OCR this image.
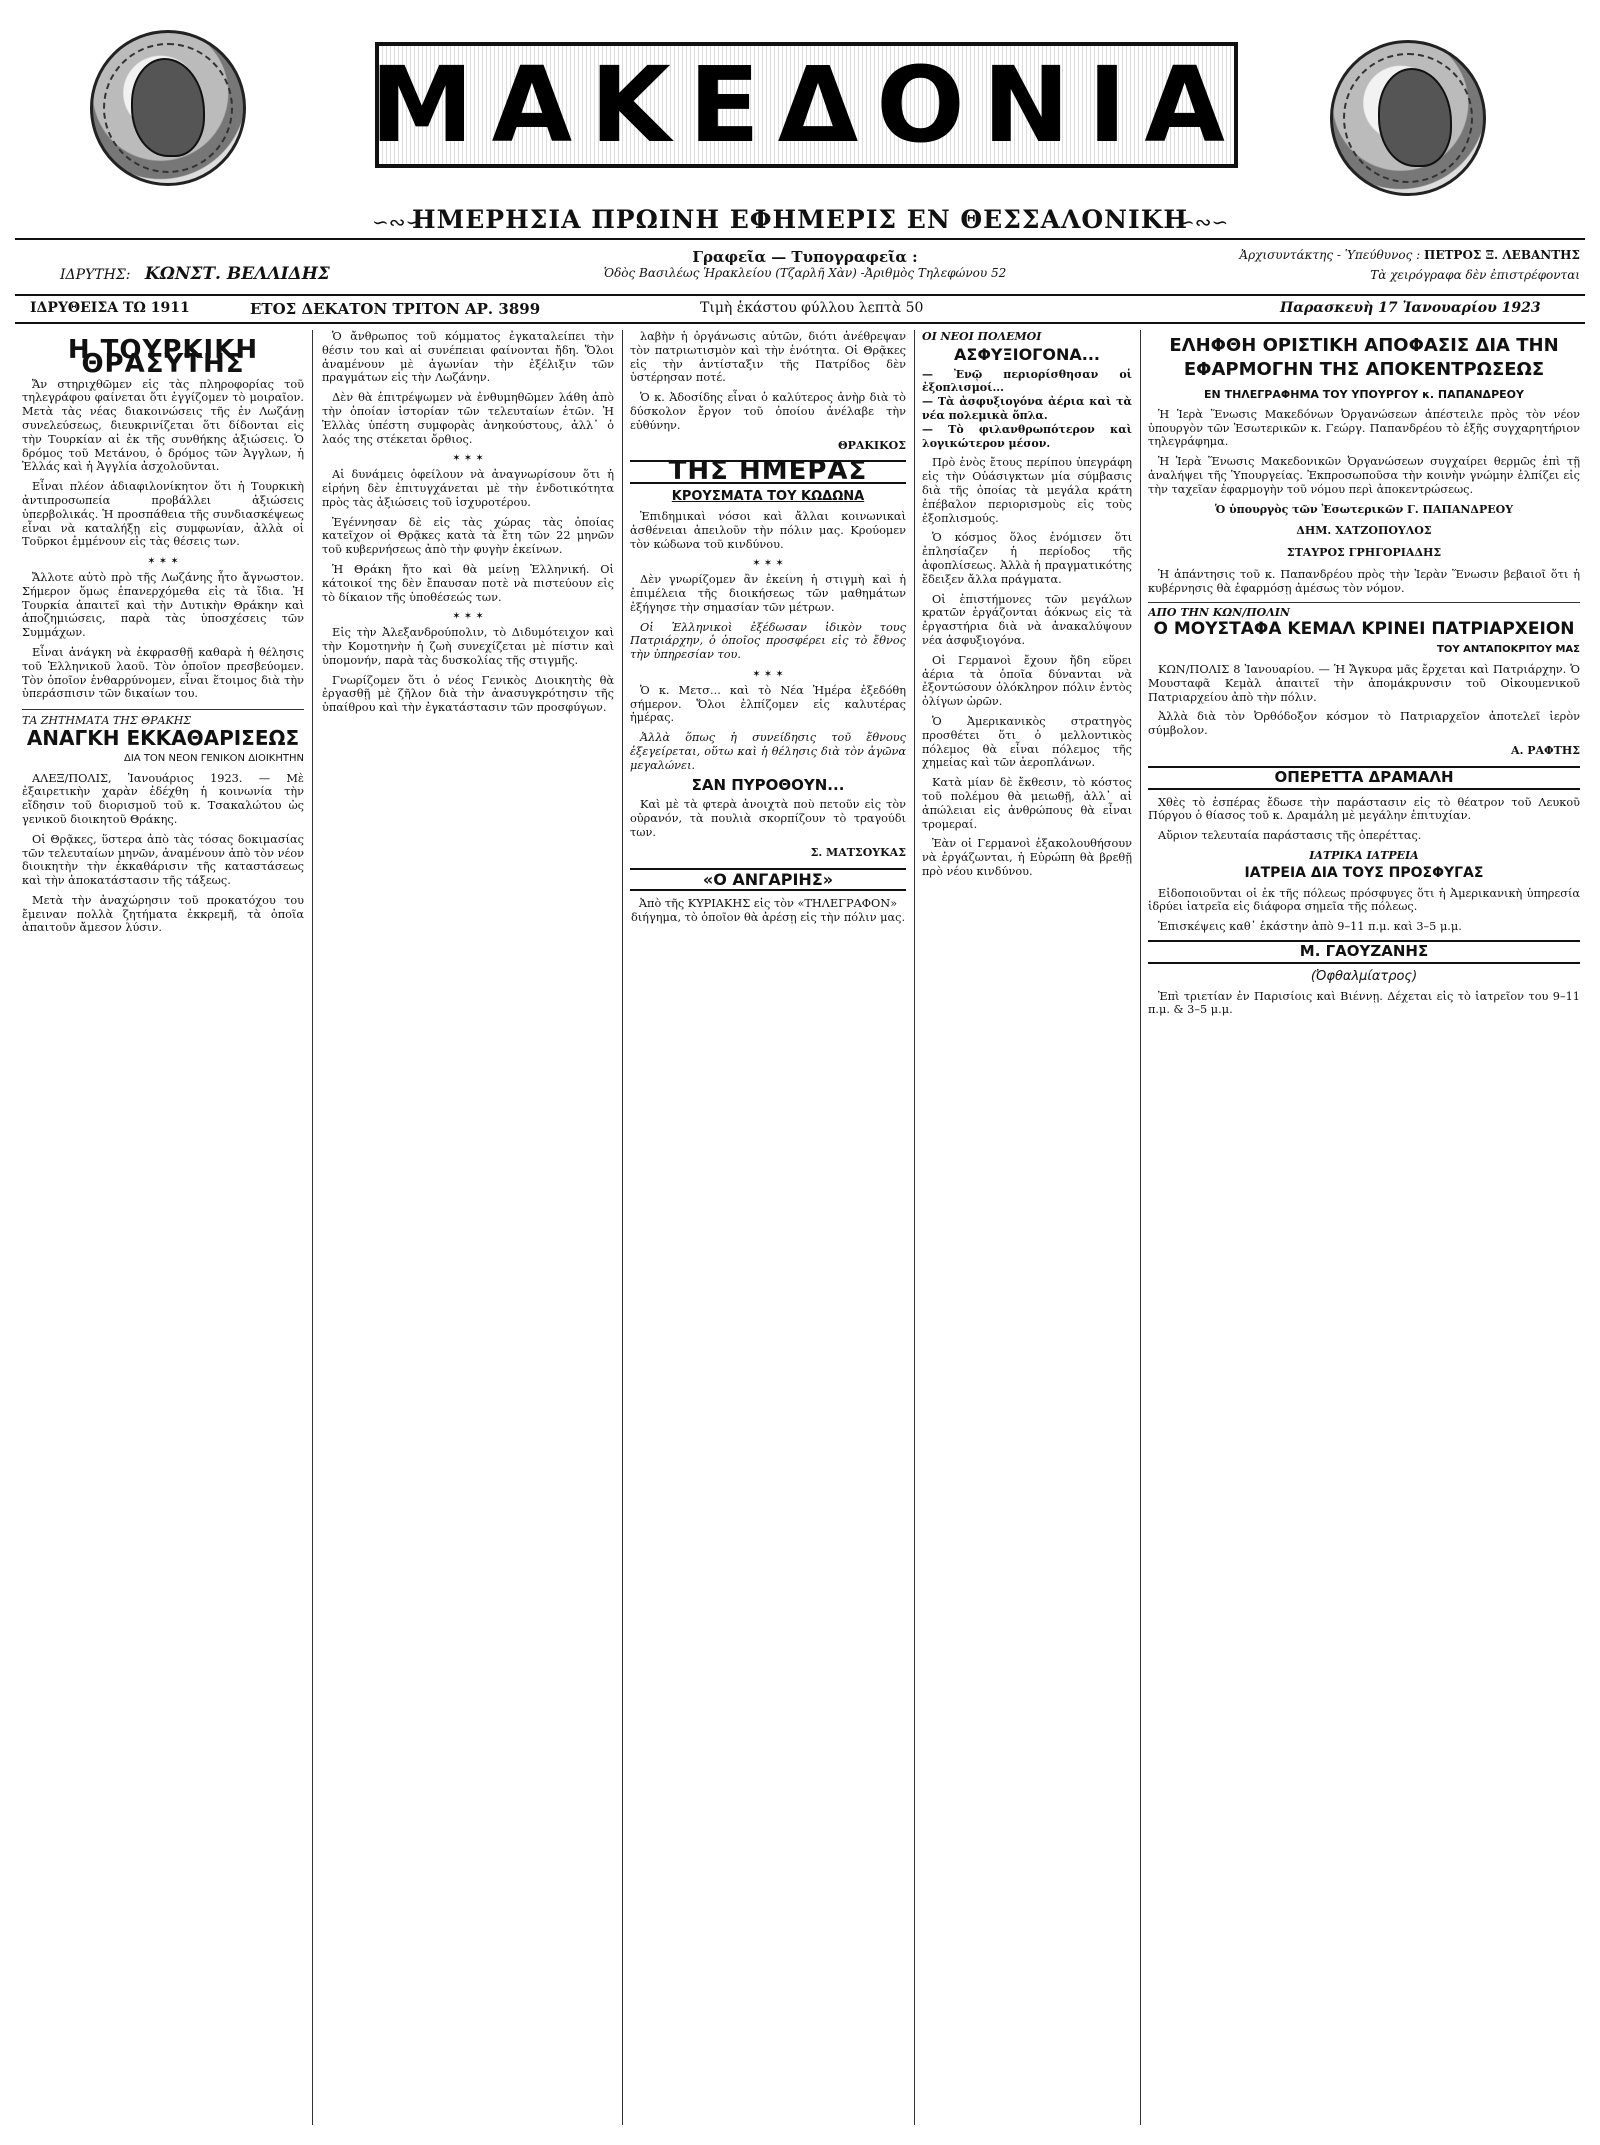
ΜΑΚΕΔΟΝΙΑ
∽∾∽	∽∾∽
ΗΜΕΡΗΣΙΑ ΠΡΩΙΝΗ ΕΦΗΜΕΡΙΣ ΕΝ ΘΕΣΣΑΛΟΝΙΚΗ
ΙΔΡΥΤΗΣ: ΚΩΝΣΤ. ΒΕΛΛΙΔΗΣ
Γραφεῖα — Τυπογραφεῖα :
Ὁδὸς Βασιλέως Ἡρακλείου (Τζαρλῆ Χὰν) -Ἀριθμὸς Τηλεφώνου 52
Ἀρχισυντάκτης - Ὑπεύθυνος : ΠΕΤΡΟΣ Ξ. ΛΕΒΑΝΤΗΣ
Τὰ χειρόγραφα δὲν ἐπιστρέφονται
ΙΔΡΥΘΕΙΣΑ ΤΩ 1911	ΕΤΟΣ ΔΕΚΑΤΟΝ ΤΡΙΤΟΝ ΑΡ. 3899	Τιμὴ ἑκάστου φύλλου λεπτὰ 50	Παρασκευὴ 17 Ἰανουαρίου 1923
Η ΤΟΥΡΚΙΚΗ ΘΡΑΣΥΤΗΣ

Ἄν στηριχθῶμεν εἰς τὰς πληροφορίας τοῦ τηλεγράφου φαίνεται ὅτι ἐγγίζομεν τὸ μοιραῖον. Μετὰ τὰς νέας διακοινώσεις τῆς ἐν Λωζάνῃ συνελεύσεως, διευκρινίζεται ὅτι δίδονται εἰς τὴν Τουρκίαν αἱ ἐκ τῆς συνθήκης ἀξιώσεις. Ὁ δρόμος τοῦ Μετάνου, ὁ δρόμος τῶν Ἀγγλων, ἡ Ἑλλάς καὶ ἡ Ἀγγλία ἀσχολοῦνται.

Εἶναι πλέον ἀδιαφιλονίκητον ὅτι ἡ Τουρκικὴ ἀντιπροσωπεία προβάλλει ἀξιώσεις ὑπερβολικάς. Ἡ προσπάθεια τῆς συνδιασκέψεως εἶναι νὰ καταλήξῃ εἰς συμφωνίαν, ἀλλὰ οἱ Τοῦρκοι ἐμμένουν εἰς τὰς θέσεις των.

✶ ✶ ✶

Ἄλλοτε αὐτὸ πρὸ τῆς Λωζάνης ἦτο ἄγνωστον. Σήμερον ὅμως ἐπανερχόμεθα εἰς τὰ ἴδια. Ἡ Τουρκία ἀπαιτεῖ καὶ τὴν Δυτικὴν Θράκην καὶ ἀποζημιώσεις, παρὰ τὰς ὑποσχέσεις τῶν Συμμάχων.

Εἶναι ἀνάγκη νὰ ἐκφρασθῇ καθαρὰ ἡ θέλησις τοῦ Ἑλληνικοῦ λαοῦ. Τὸν ὁποῖον πρεσβεύομεν. Τὸν ὁποῖον ἐνθαρρύνομεν, εἶναι ἕτοιμος διὰ τὴν ὑπεράσπισιν τῶν δικαίων του.

ΤΑ ΖΗΤΗΜΑΤΑ ΤΗΣ ΘΡΑΚΗΣ
ΑΝΑΓΚΗ ΕΚΚΑΘΑΡΙΣΕΩΣ
ΔΙΑ ΤΟΝ ΝΕΟΝ ΓΕΝΙΚΟΝ ΔΙΟΙΚΗΤΗΝ

ΑΛΕΞ/ΠΟΛΙΣ, Ἰανουάριος 1923. — Μὲ ἐξαιρετικὴν χαρὰν ἐδέχθη ἡ κοινωνία τὴν εἴδησιν τοῦ διορισμοῦ τοῦ κ. Τσακαλώτου ὡς γενικοῦ διοικητοῦ Θράκης.

Οἱ Θρᾷκες, ὕστερα ἀπὸ τὰς τόσας δοκιμασίας τῶν τελευταίων μηνῶν, ἀναμένουν ἀπὸ τὸν νέον διοικητὴν τὴν ἐκκαθάρισιν τῆς καταστάσεως καὶ τὴν ἀποκατάστασιν τῆς τάξεως.

Μετὰ τὴν ἀναχώρησιν τοῦ προκατόχου του ἔμειναν πολλὰ ζητήματα ἐκκρεμῆ, τὰ ὁποῖα ἀπαιτοῦν ἄμεσον λύσιν.

Ὁ ἄνθρωπος τοῦ κόμματος ἐγκαταλείπει τὴν θέσιν του καὶ αἱ συνέπειαι φαίνονται ἤδη. Ὅλοι ἀναμένουν μὲ ἀγωνίαν τὴν ἐξέλιξιν τῶν πραγμάτων εἰς τὴν Λωζάνην.

Δὲν θὰ ἐπιτρέψωμεν νὰ ἐνθυμηθῶμεν λάθη ἀπὸ τὴν ὁποίαν ἱστορίαν τῶν τελευταίων ἐτῶν. Ἡ Ἑλλὰς ὑπέστη συμφορὰς ἀνηκούστους, ἀλλ᾽ ὁ λαός της στέκεται ὄρθιος.

✶ ✶ ✶

Αἱ δυνάμεις ὀφείλουν νὰ ἀναγνωρίσουν ὅτι ἡ εἰρήνη δὲν ἐπιτυγχάνεται μὲ τὴν ἐνδοτικότητα πρὸς τὰς ἀξιώσεις τοῦ ἰσχυροτέρου.

Ἐγέννησαν δὲ εἰς τὰς χώρας τὰς ὁποίας κατεῖχον οἱ Θρᾷκες κατὰ τὰ ἔτη τῶν 22 μηνῶν τοῦ κυβερνήσεως ἀπὸ τὴν φυγὴν ἐκείνων.

Ἡ Θράκη ἤτο καὶ θὰ μείνῃ Ἑλληνική. Οἱ κάτοικοί της δὲν ἔπαυσαν ποτὲ νὰ πιστεύουν εἰς τὸ δίκαιον τῆς ὑποθέσεώς των.

✶ ✶ ✶

Εἰς τὴν Ἀλεξανδρούπολιν, τὸ Διδυμότειχον καὶ τὴν Κομοτηνὴν ἡ ζωὴ συνεχίζεται μὲ πίστιν καὶ ὑπομονήν, παρὰ τὰς δυσκολίας τῆς στιγμῆς.

Γνωρίζομεν ὅτι ὁ νέος Γενικὸς Διοικητὴς θὰ ἐργασθῇ μὲ ζῆλον διὰ τὴν ἀνασυγκρότησιν τῆς ὑπαίθρου καὶ τὴν ἐγκατάστασιν τῶν προσφύγων.

λαβὴν ἡ ὀργάνωσις αὐτῶν, διότι ἀνέθρεψαν τὸν πατριωτισμὸν καὶ τὴν ἑνότητα. Οἱ Θρᾷκες εἰς τὴν ἀντίσταξιν τῆς Πατρίδος δὲν ὑστέρησαν ποτέ.

Ὁ κ. Ἀδοσίδης εἶναι ὁ καλύτερος ἀνὴρ διὰ τὸ δύσκολον ἔργον τοῦ ὁποίου ἀνέλαβε τὴν εὐθύνην.

ΘΡΑΚΙΚΟΣ
ΤΗΣ ΗΜΕΡΑΣ
ΚΡΟΥΣΜΑΤΑ ΤΟΥ ΚΩΔΩΝΑ

Ἐπιδημικαὶ νόσοι καὶ ἄλλαι κοινωνικαὶ ἀσθένειαι ἀπειλοῦν τὴν πόλιν μας. Κρούομεν τὸν κώδωνα τοῦ κινδύνου.

✶ ✶ ✶

Δὲν γνωρίζομεν ἂν ἐκείνη ἡ στιγμὴ καὶ ἡ ἐπιμέλεια τῆς διοικήσεως τῶν μαθημάτων ἐξήγησε τὴν σημασίαν τῶν μέτρων.

Οἱ Ἑλληνικοὶ ἐξέδωσαν ἰδικὸν τους Πατριάρχην, ὁ ὁποῖος προσφέρει εἰς τὸ ἔθνος τὴν ὑπηρεσίαν του.

✶ ✶ ✶

Ὁ κ. Μετσ... καὶ τὸ Νέα Ἡμέρα ἐξεδόθη σήμερον. Ὅλοι ἐλπίζομεν εἰς καλυτέρας ἡμέρας.

Ἀλλὰ ὅπως ἡ συνείδησις τοῦ ἔθνους ἐξεγείρεται, οὕτω καὶ ἡ θέλησις διὰ τὸν ἀγῶνα μεγαλώνει.

ΣΑΝ ΠΥΡΟΘΟΥΝ...

Καὶ μὲ τὰ φτερὰ ἀνοιχτὰ ποὺ πετοῦν εἰς τὸν οὐρανόν, τὰ πουλιὰ σκορπίζουν τὸ τραγούδι των.

Σ. ΜΑΤΣΟΥΚΑΣ
«Ο ΑΝΓΑΡΙΗΣ»

Ἀπὸ τῆς ΚΥΡΙΑΚΗΣ εἰς τὸν «ΤΗΛΕΓΡΑΦΟΝ» διήγημα, τὸ ὁποῖον θὰ ἀρέσῃ εἰς τὴν πόλιν μας.

ΟΙ ΝΕΟΙ ΠΟΛΕΜΟΙ
ΑΣΦΥΞΙΟΓΟΝΑ...
— Ἐνῷ περιορίσθησαν οἱ ἐξοπλισμοί...
— Τὰ ἀσφυξιογόνα ἀέρια καὶ τὰ νέα πολεμικὰ ὅπλα.
— Τὸ φιλανθρωπότερον καὶ λογικώτερον μέσον.

Πρὸ ἑνὸς ἔτους περίπου ὑπεγράφη εἰς τὴν Οὐάσιγκτων μία σύμβασις διὰ τῆς ὁποίας τὰ μεγάλα κράτη ἐπέβαλον περιορισμοὺς εἰς τοὺς ἐξοπλισμούς.

Ὁ κόσμος ὅλος ἐνόμισεν ὅτι ἐπλησίαζεν ἡ περίοδος τῆς ἀφοπλίσεως. Ἀλλὰ ἡ πραγματικότης ἔδειξεν ἄλλα πράγματα.

Οἱ ἐπιστήμονες τῶν μεγάλων κρατῶν ἐργάζονται ἀόκνως εἰς τὰ ἐργαστήρια διὰ νὰ ἀνακαλύψουν νέα ἀσφυξιογόνα.

Οἱ Γερμανοὶ ἔχουν ἤδη εὕρει ἀέρια τὰ ὁποῖα δύνανται νὰ ἐξοντώσουν ὁλόκληρον πόλιν ἐντὸς ὀλίγων ὡρῶν.

Ὁ Ἀμερικανικὸς στρατηγὸς προσθέτει ὅτι ὁ μελλοντικὸς πόλεμος θὰ εἶναι πόλεμος τῆς χημείας καὶ τῶν ἀεροπλάνων.

Κατὰ μίαν δὲ ἔκθεσιν, τὸ κόστος τοῦ πολέμου θὰ μειωθῇ, ἀλλ᾽ αἱ ἀπώλειαι εἰς ἀνθρώπους θὰ εἶναι τρομεραί.

Ἐὰν οἱ Γερμανοὶ ἐξακολουθήσουν νὰ ἐργάζωνται, ἡ Εὐρώπη θὰ βρεθῇ πρὸ νέου κινδύνου.

ΕΛΗΦΘΗ ΟΡΙΣΤΙΚΗ ΑΠΟΦΑΣΙΣ ΔΙΑ ΤΗΝ ΕΦΑΡΜΟΓΗΝ ΤΗΣ ΑΠΟΚΕΝΤΡΩΣΕΩΣ
ΕΝ ΤΗΛΕΓΡΑΦΗΜΑ ΤΟΥ ΥΠΟΥΡΓΟΥ κ. ΠΑΠΑΝΔΡΕΟΥ

Ἡ Ἱερὰ Ἕνωσις Μακεδόνων Ὀργανώσεων ἀπέστειλε πρὸς τὸν νέον ὑπουργὸν τῶν Ἐσωτερικῶν κ. Γεώργ. Παπανδρέου τὸ ἑξῆς συγχαρητήριον τηλεγράφημα.

Ἡ Ἱερὰ Ἕνωσις Μακεδονικῶν Ὀργανώσεων συγχαίρει θερμῶς ἐπὶ τῇ ἀναλήψει τῆς Ὑπουργείας. Ἐκπροσωποῦσα τὴν κοινὴν γνώμην ἐλπίζει εἰς τὴν ταχεῖαν ἐφαρμογὴν τοῦ νόμου περὶ ἀποκεντρώσεως.

Ὁ ὑπουργὸς τῶν Ἐσωτερικῶν Γ. ΠΑΠΑΝΔΡΕΟΥ
ΔΗΜ. ΧΑΤΖΟΠΟΥΛΟΣ
ΣΤΑΥΡΟΣ ΓΡΗΓΟΡΙΑΔΗΣ

Ἡ ἀπάντησις τοῦ κ. Παπανδρέου πρὸς τὴν Ἱερὰν Ἕνωσιν βεβαιοῖ ὅτι ἡ κυβέρνησις θὰ ἐφαρμόσῃ ἀμέσως τὸν νόμον.

ΑΠΟ ΤΗΝ ΚΩΝ/ΠΟΛΙΝ
Ο ΜΟΥΣΤΑΦΑ ΚΕΜΑΛ ΚΡΙΝΕΙ ΠΑΤΡΙΑΡΧΕΙΟΝ
ΤΟΥ ΑΝΤΑΠΟΚΡΙΤΟΥ ΜΑΣ

ΚΩΝ/ΠΟΛΙΣ 8 Ἰανουαρίου. — Ἡ Ἄγκυρα μᾶς ἔρχεται καὶ Πατριάρχην. Ὁ Μουσταφᾶ Κεμὰλ ἀπαιτεῖ τὴν ἀπομάκρυνσιν τοῦ Οἰκουμενικοῦ Πατριαρχείου ἀπὸ τὴν πόλιν.

Ἀλλὰ διὰ τὸν Ὀρθόδοξον κόσμον τὸ Πατριαρχεῖον ἀποτελεῖ ἱερὸν σύμβολον.

Α. ΡΑΦΤΗΣ
ΟΠΕΡΕΤΤΑ ΔΡΑΜΑΛΗ

Χθὲς τὸ ἑσπέρας ἔδωσε τὴν παράστασιν εἰς τὸ θέατρον τοῦ Λευκοῦ Πύργου ὁ θίασος τοῦ κ. Δραμάλη μὲ μεγάλην ἐπιτυχίαν.

Αὔριον τελευταία παράστασις τῆς ὀπερέττας.

ΙΑΤΡΙΚΑ ΙΑΤΡΕΙΑ
ΙΑΤΡΕΙΑ ΔΙΑ ΤΟΥΣ ΠΡΟΣΦΥΓΑΣ

Εἰδοποιοῦνται οἱ ἐκ τῆς πόλεως πρόσφυγες ὅτι ἡ Ἀμερικανικὴ ὑπηρεσία ἱδρύει ἰατρεῖα εἰς διάφορα σημεῖα τῆς πόλεως.

Ἐπισκέψεις καθ᾽ ἑκάστην ἀπὸ 9–11 π.μ. καὶ 3–5 μ.μ.

Μ. ΓΑΟΥΖΑΝΗΣ
(Ὀφθαλμίατρος)

Ἐπὶ τριετίαν ἐν Παρισίοις καὶ Βιέννῃ. Δέχεται εἰς τὸ ἰατρεῖον του 9–11 π.μ. & 3–5 μ.μ.
